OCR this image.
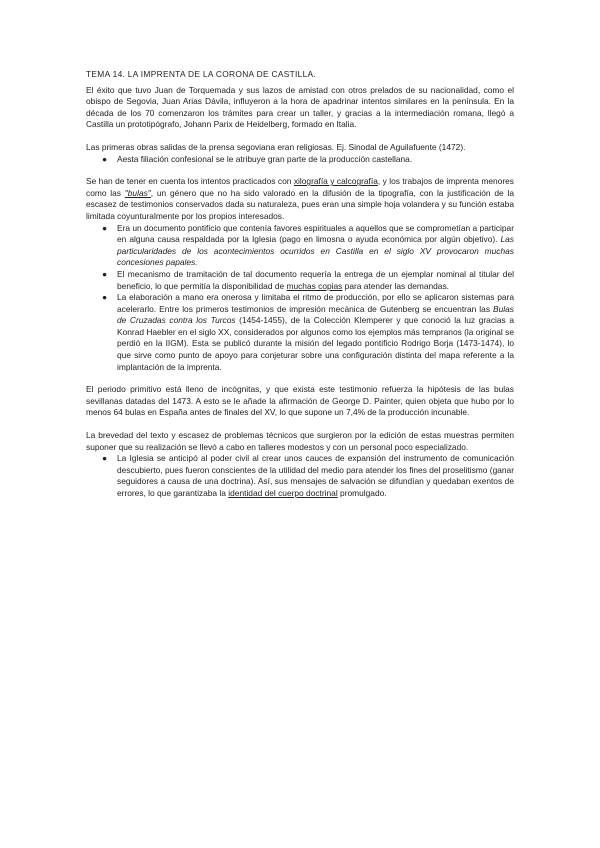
TEMA 14. LA IMPRENTA DE LA CORONA DE CASTILLA.

El éxito que tuvo Juan de Torquemada y sus lazos de amistad con otros prelados de su nacionalidad, como el obispo de Segovia, Juan Arias Dávila, influyeron a la hora de apadrinar intentos similares en la península. En la década de los 70 comenzaron los trámites para crear un taller, y gracias a la intermediación romana, llegó a Castilla un prototipógrafo, Johann Parix de Heidelberg, formado en Italia.

Las primeras obras salidas de la prensa segoviana eran religiosas. Ej. Sinodal de Aguilafuente (1472).

● Aesta filiación confesional se le atribuye gran parte de la producción castellana.

Se han de tener en cuenta los intentos practicados con xilografía y calcografía, y los trabajos de imprenta menores como las "bulas", un género que no ha sido valorado en la difusión de la tipografía, con la justificación de la escasez de testimonios conservados dada su naturaleza, pues eran una simple hoja volandera y su función estaba limitada coyunturalmente por los propios interesados.

● Era un documento pontificio que contenía favores espirituales a aquellos que se comprometían a participar en alguna causa respaldada por la Iglesia (pago en limosna o ayuda económica por algún objetivo). Las particularidades de los acontecimientos ocurridos en Castilla en el siglo XV provocaron muchas concesiones papales.
● El mecanismo de tramitación de tal documento requería la entrega de un ejemplar nominal al titular del beneficio, lo que permitía la disponibilidad de muchas copias para atender las demandas.
● La elaboración a mano era onerosa y limitaba el ritmo de producción, por ello se aplicaron sistemas para acelerarlo. Entre los primeros testimonios de impresión mecánica de Gutenberg se encuentran las Bulas de Cruzadas contra los Turcos (1454-1455), de la Colección Klemperer y que conoció la luz gracias a Konrad Haebler en el siglo XX, considerados por algunos como los ejemplos más tempranos (la original se perdió en la IIGM). Esta se publicó durante la misión del legado pontificio Rodrigo Borja (1473-1474), lo que sirve como punto de apoyo para conjeturar sobre una configuración distinta del mapa referente a la implantación de la imprenta.

El periodo primitivo está lleno de incógnitas, y que exista este testimonio refuerza la hipótesis de las bulas sevillanas datadas del 1473. A esto se le añade la afirmación de George D. Painter, quien objeta que hubo por lo menos 64 bulas en España antes de finales del XV, lo que supone un 7,4% de la producción incunable.

La brevedad del texto y escasez de problemas técnicos que surgieron por la edición de estas muestras permiten suponer que su realización se llevó a cabo en talleres modestos y con un personal poco especializado.

● La Iglesia se anticipó al poder civil al crear unos cauces de expansión del instrumento de comunicación descubierto, pues fueron conscientes de la utilidad del medio para atender los fines del proselitismo (ganar seguidores a causa de una doctrina). Así, sus mensajes de salvación se difundían y quedaban exentos de errores, lo que garantizaba la identidad del cuerpo doctrinal promulgado.
